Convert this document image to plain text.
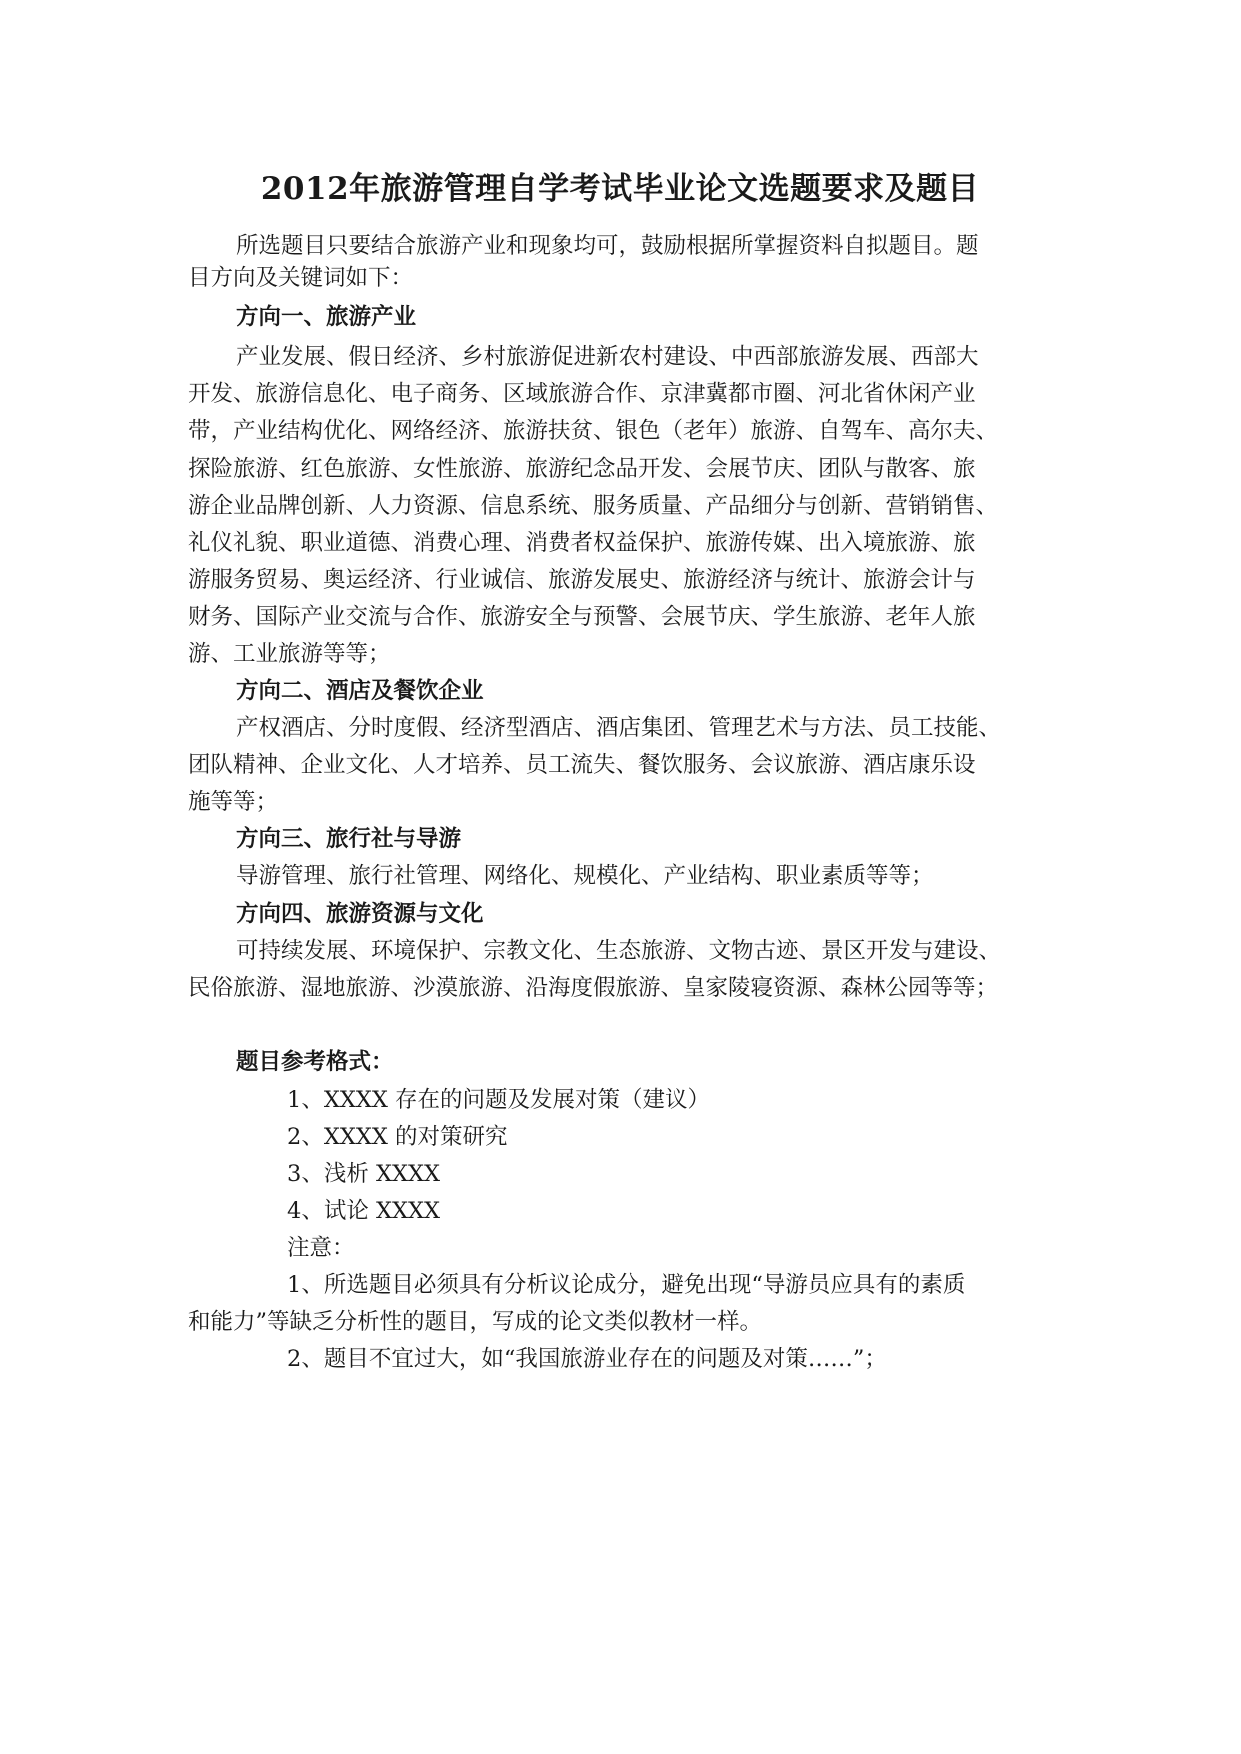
2012年旅游管理自学考试毕业论文选题要求及题目

所选题目只要结合旅游产业和现象均可，鼓励根据所掌握资料自拟题目。题

目方向及关键词如下：

方向一、旅游产业

产业发展、假日经济、乡村旅游促进新农村建设、中西部旅游发展、西部大

开发、旅游信息化、电子商务、区域旅游合作、京津冀都市圈、河北省休闲产业

带，产业结构优化、网络经济、旅游扶贫、银色（老年）旅游、自驾车、高尔夫、

探险旅游、红色旅游、女性旅游、旅游纪念品开发、会展节庆、团队与散客、旅

游企业品牌创新、人力资源、信息系统、服务质量、产品细分与创新、营销销售、

礼仪礼貌、职业道德、消费心理、消费者权益保护、旅游传媒、出入境旅游、旅

游服务贸易、奥运经济、行业诚信、旅游发展史、旅游经济与统计、旅游会计与

财务、国际产业交流与合作、旅游安全与预警、会展节庆、学生旅游、老年人旅

游、工业旅游等等；

方向二、酒店及餐饮企业

产权酒店、分时度假、经济型酒店、酒店集团、管理艺术与方法、员工技能、

团队精神、企业文化、人才培养、员工流失、餐饮服务、会议旅游、酒店康乐设

施等等；

方向三、旅行社与导游

导游管理、旅行社管理、网络化、规模化、产业结构、职业素质等等；

方向四、旅游资源与文化

可持续发展、环境保护、宗教文化、生态旅游、文物古迹、景区开发与建设、

民俗旅游、湿地旅游、沙漠旅游、沿海度假旅游、皇家陵寝资源、森林公园等等；

题目参考格式：

1、XXXX 存在的问题及发展对策（建议）

2、XXXX 的对策研究

3、浅析 XXXX

4、试论 XXXX

注意：

1、所选题目必须具有分析议论成分，避免出现“导游员应具有的素质

和能力”等缺乏分析性的题目，写成的论文类似教材一样。

2、题目不宜过大，如“我国旅游业存在的问题及对策……”；
